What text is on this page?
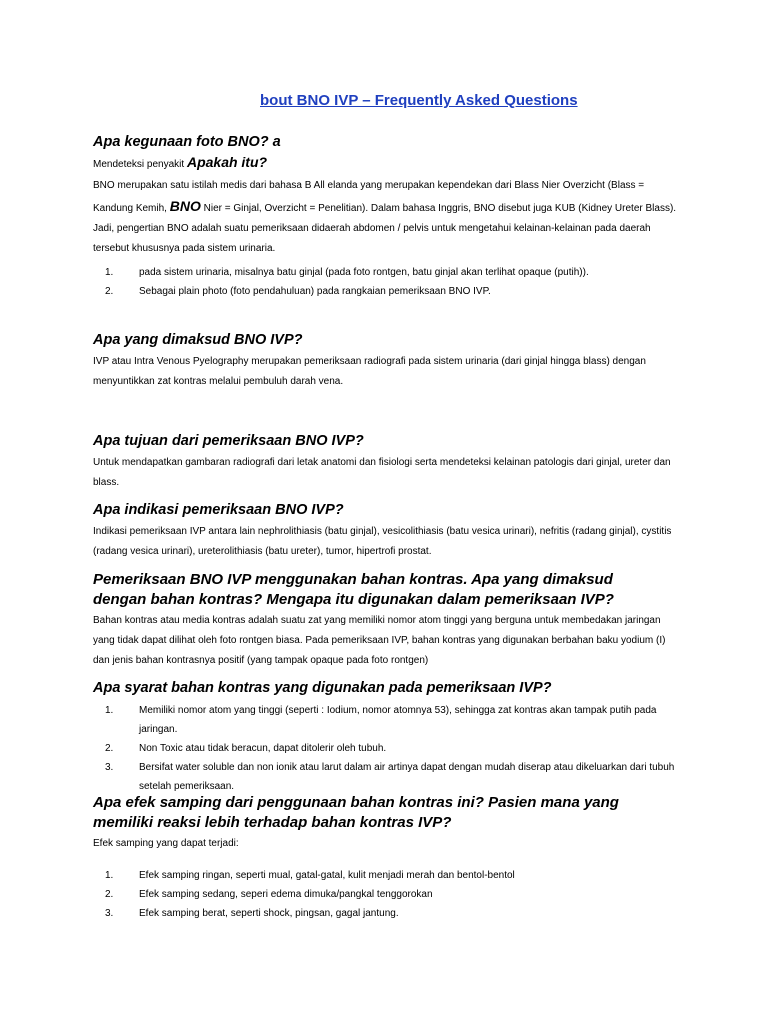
bout BNO IVP – Frequently Asked Questions
Apa kegunaan foto BNO? a

Mendeteksi penyakit Apakah itu?

BNO merupakan satu istilah medis dari bahasa B All elanda yang merupakan kependekan dari Blass Nier Overzicht (Blass = Kandung Kemih, BNO Nier = Ginjal, Overzicht = Penelitian). Dalam bahasa Inggris, BNO disebut juga KUB (Kidney Ureter Blass). Jadi, pengertian BNO adalah suatu pemeriksaan didaerah abdomen / pelvis untuk mengetahui kelainan-kelainan pada daerah tersebut khususnya pada sistem urinaria.

1.	pada sistem urinaria, misalnya batu ginjal (pada foto rontgen, batu ginjal akan terlihat opaque (putih)).
2.	Sebagai plain photo (foto pendahuluan) pada rangkaian pemeriksaan BNO IVP.
Apa yang dimaksud BNO IVP?

IVP atau Intra Venous Pyelography merupakan pemeriksaan radiografi pada sistem urinaria (dari ginjal hingga blass) dengan menyuntikkan zat kontras melalui pembuluh darah vena.

Apa tujuan dari pemeriksaan BNO IVP?

Untuk mendapatkan gambaran radiografi dari letak anatomi dan fisiologi serta mendeteksi kelainan patologis dari ginjal, ureter dan blass.

Apa indikasi pemeriksaan BNO IVP?

Indikasi pemeriksaan IVP antara lain nephrolithiasis (batu ginjal), vesicolithiasis (batu vesica urinari), nefritis (radang ginjal), cystitis (radang vesica urinari), ureterolithiasis (batu ureter), tumor, hipertrofi prostat.

Pemeriksaan BNO IVP menggunakan bahan kontras. Apa yang dimaksud
dengan bahan kontras? Mengapa itu digunakan dalam pemeriksaan IVP?

Bahan kontras atau media kontras adalah suatu zat yang memiliki nomor atom tinggi yang berguna untuk membedakan jaringan yang tidak dapat dilihat oleh foto rontgen biasa. Pada pemeriksaan IVP, bahan kontras yang digunakan berbahan baku yodium (I) dan jenis bahan kontrasnya positif (yang tampak opaque pada foto rontgen)

Apa syarat bahan kontras yang digunakan pada pemeriksaan IVP?
1.	Memiliki nomor atom yang tinggi (seperti : Iodium, nomor atomnya 53), sehingga zat kontras akan tampak putih pada jaringan.
2.	Non Toxic atau tidak beracun, dapat ditolerir oleh tubuh.
3.	Bersifat water soluble dan non ionik atau larut dalam air artinya dapat dengan mudah diserap atau dikeluarkan dari tubuh setelah pemeriksaan.
Apa efek samping dari penggunaan bahan kontras ini? Pasien mana yang
memiliki reaksi lebih terhadap bahan kontras IVP?

Efek samping yang dapat terjadi:

1.	Efek samping ringan, seperti mual, gatal-gatal, kulit menjadi merah dan bentol-bentol
2.	Efek samping sedang, seperi edema dimuka/pangkal tenggorokan
3.	Efek samping berat, seperti shock, pingsan, gagal jantung.
